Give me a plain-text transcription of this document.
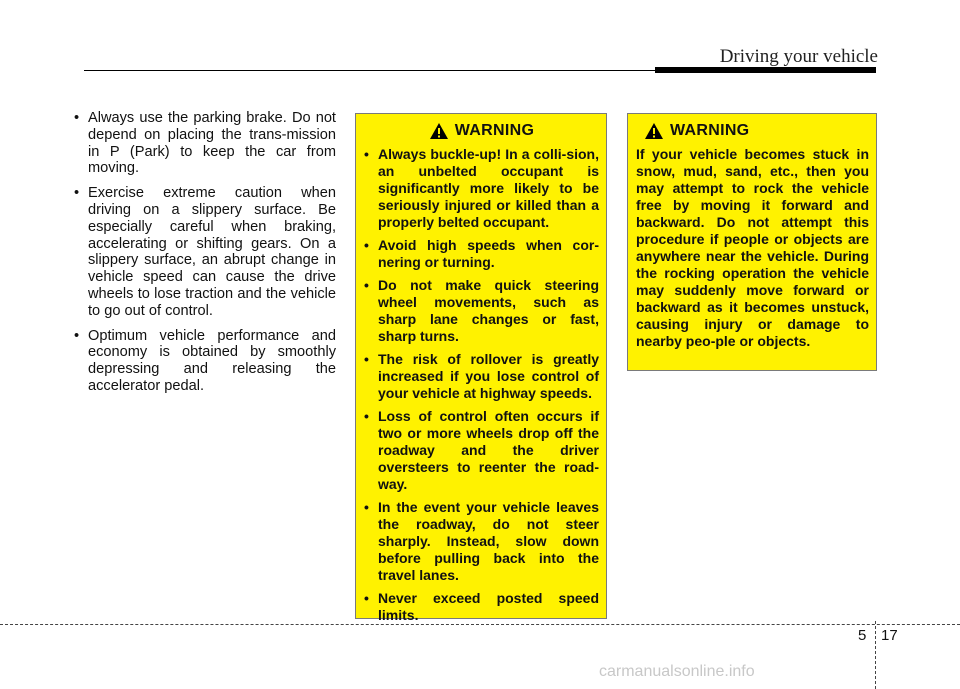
Driving your vehicle
• Always use the parking brake. Do not depend on placing the trans-mission in P (Park) to keep the car from moving.
• Exercise extreme caution when driving on a slippery surface. Be especially careful when braking, accelerating or shifting gears. On a slippery surface, an abrupt change in vehicle speed can cause the drive wheels to lose traction and the vehicle to go out of control.
• Optimum vehicle performance and economy is obtained by smoothly depressing and releasing the accelerator pedal.
WARNING
• Always buckle-up! In a colli-sion, an unbelted occupant is significantly more likely to be seriously injured or killed than a properly belted occupant.
• Avoid high speeds when cor-nering or turning.
• Do not make quick steering wheel movements, such as sharp lane changes or fast, sharp turns.
• The risk of rollover is greatly increased if you lose control of your vehicle at highway speeds.
• Loss of control often occurs if two or more wheels drop off the roadway and the driver oversteers to reenter the road-way.
• In the event your vehicle leaves the roadway, do not steer sharply. Instead, slow down before pulling back into the travel lanes.
• Never exceed posted speed limits.
WARNING

If your vehicle becomes stuck in snow, mud, sand, etc., then you may attempt to rock the vehicle free by moving it forward and backward. Do not attempt this procedure if people or objects are anywhere near the vehicle. During the rocking operation the vehicle may suddenly move forward or backward as it becomes unstuck, causing injury or damage to nearby peo-ple or objects.

5 17
carmanualsonline.info
